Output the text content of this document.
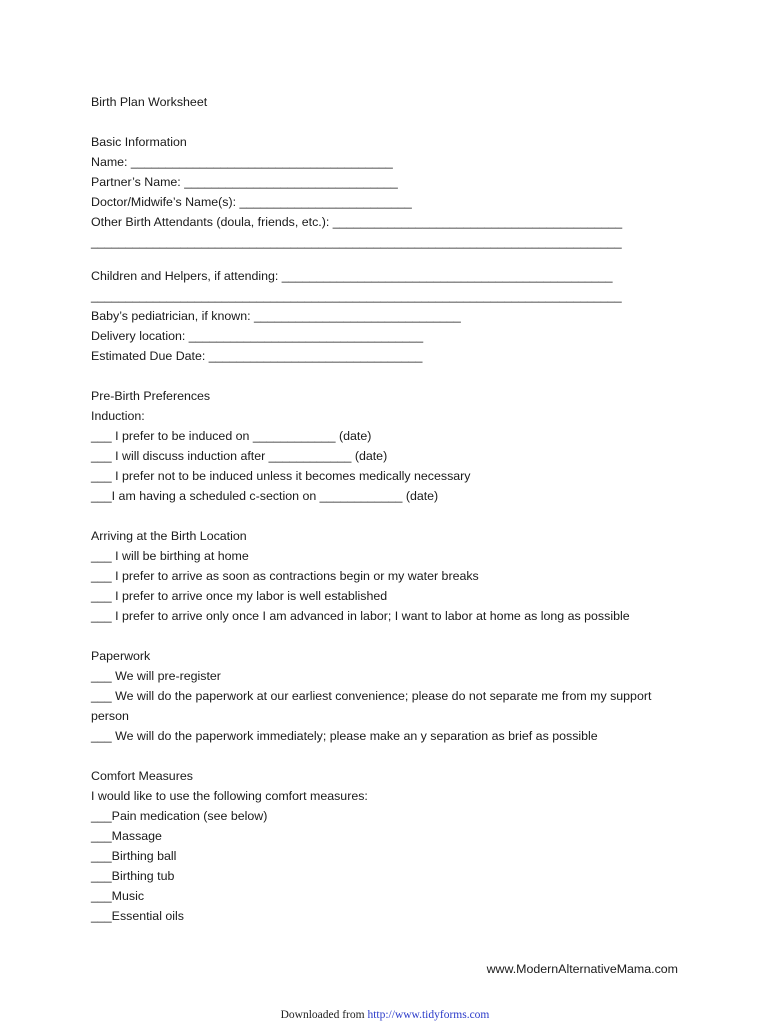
Birth Plan Worksheet
Basic Information
Name: ______________________________________
Partner’s Name: _______________________________
Doctor/Midwife’s Name(s): _________________________
Other Birth Attendants (doula, friends, etc.): __________________________________________
_____________________________________________________________________________
Children and Helpers, if attending: ________________________________________________
_____________________________________________________________________________
Baby’s pediatrician, if known: ______________________________
Delivery location: __________________________________
Estimated Due Date: _______________________________
Pre-Birth Preferences
Induction:
___ I prefer to be induced on ____________ (date)
___ I will discuss induction after ____________ (date)
___ I prefer not to be induced unless it becomes medically necessary
___I am having a scheduled c-section on ____________ (date)
Arriving at the Birth Location
___ I will be birthing at home
___ I prefer to arrive as soon as contractions begin or my water breaks
___ I prefer to arrive once my labor is well established
___ I prefer to arrive only once I am advanced in labor; I want to labor at home as long as possible
Paperwork
___ We will pre-register
___ We will do the paperwork at our earliest convenience; please do not separate me from my support
person
___ We will do the paperwork immediately; please make an y separation as brief as possible
Comfort Measures
I would like to use the following comfort measures:
___Pain medication (see below)
___Massage
___Birthing ball
___Birthing tub
___Music
___Essential oils
www.ModernAlternativeMama.com
Downloaded from http://www.tidyforms.com
